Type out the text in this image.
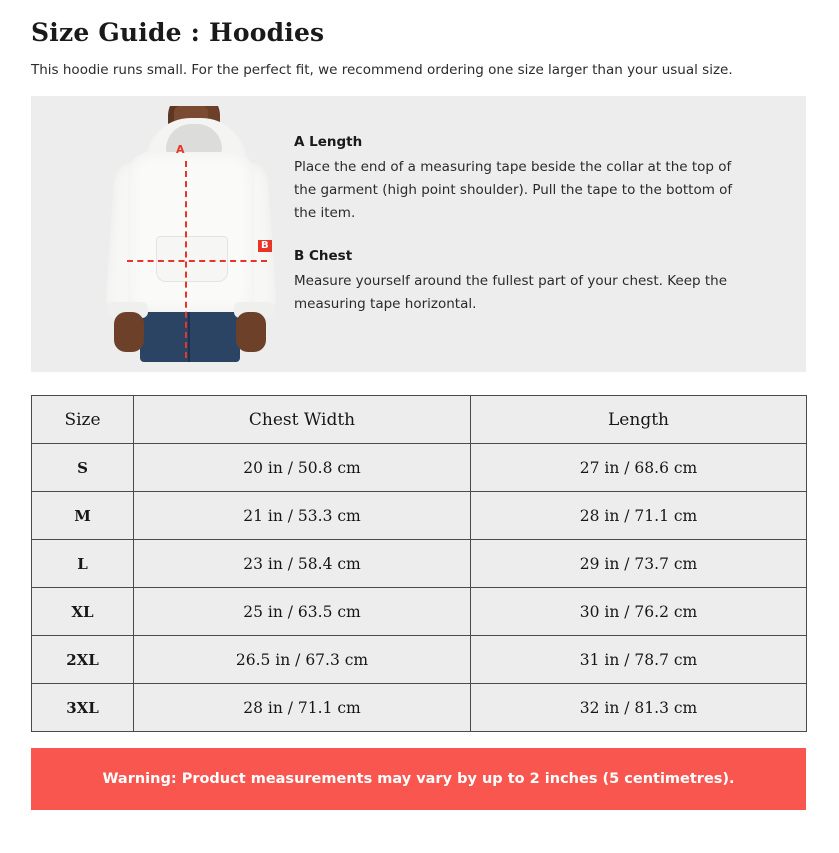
Size Guide : Hoodies
This hoodie runs small. For the perfect fit, we recommend ordering one size larger than your usual size.
A
B
A Length
Place the end of a measuring tape beside the collar at the top of the garment (high point shoulder). Pull the tape to the bottom of the item.
B Chest
Measure yourself around the fullest part of your chest. Keep the measuring tape horizontal.
Size	Chest Width	Length
S	20 in / 50.8 cm	27 in / 68.6 cm
M	21 in / 53.3 cm	28 in / 71.1 cm
L	23 in / 58.4 cm	29 in / 73.7 cm
XL	25 in / 63.5 cm	30 in / 76.2 cm
2XL	26.5 in / 67.3 cm	31 in / 78.7 cm
3XL	28 in / 71.1 cm	32 in / 81.3 cm
Warning: Product measurements may vary by up to 2 inches (5 centimetres).
